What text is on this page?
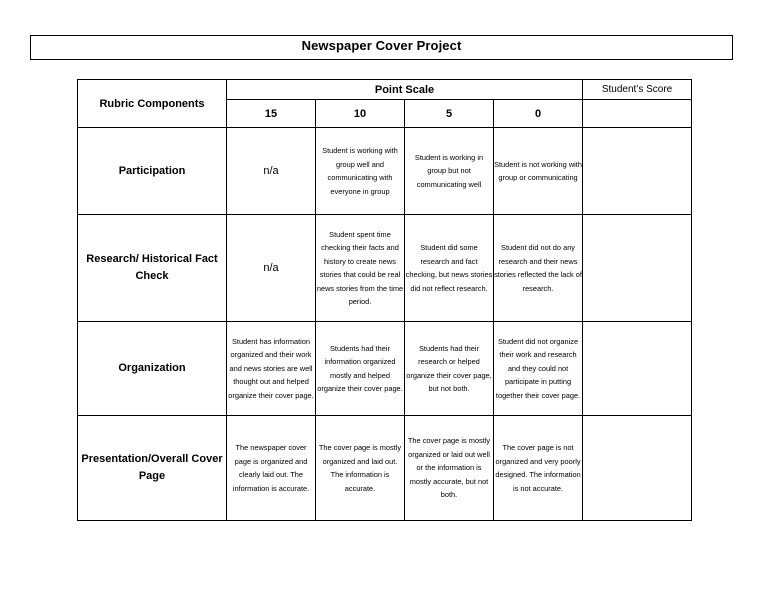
Newspaper Cover Project
Rubric Components	Point Scale				Student’s Score
	15	10	5	0	
Participation	n/a	Student is working with group well and communicating with everyone in group	Student is working in group but not communicating well	Student is not working with group or communicating	
Research/ Historical Fact Check	n/a	Student spent time checking their facts and history to create news stories that could be real news stories from the time period.	Student did some research and fact checking, but news stories did not reflect research.	Student did not do any research and their news stories reflected the lack of research.	
Organization	Student has information organized and their work and news stories are well thought out and helped organize their cover page.	Students had their information organized mostly and helped organize their cover page.	Students had their research or helped organize their cover page, but not both.	Student did not organize their work and research and they could not participate in putting together their cover page.	
Presentation/Overall Cover Page	The newspaper cover page is organized and clearly laid out. The information is accurate.	The cover page is mostly organized and laid out. The information is accurate.	The cover page is mostly organized or laid out well or the information is mostly accurate, but not both.	The cover page is not organized and very poorly designed. The information is not accurate.	
